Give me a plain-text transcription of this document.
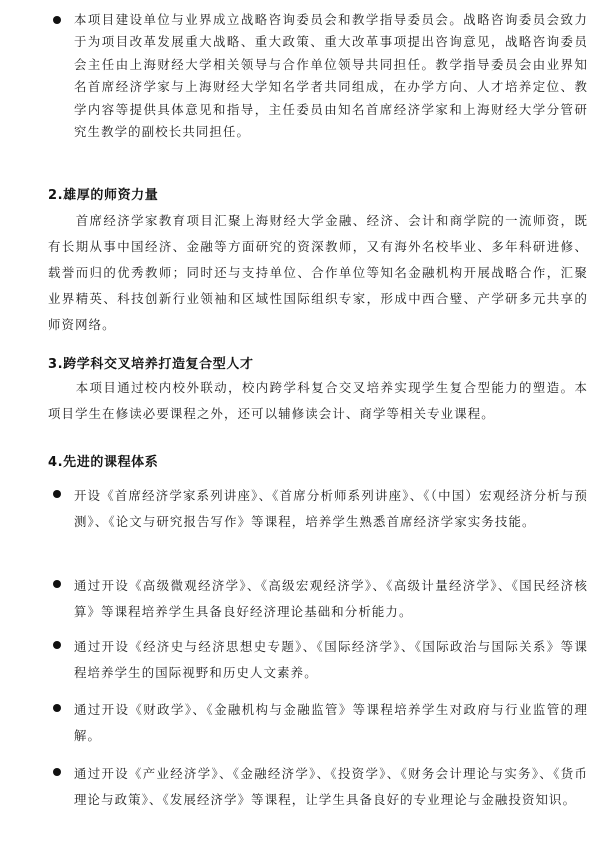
本项目建设单位与业界成立战略咨询委员会和教学指导委员会。战略咨询委员会致力于为项目改革发展重大战略、重大政策、重大改革事项提出咨询意见，战略咨询委员会主任由上海财经大学相关领导与合作单位领导共同担任。教学指导委员会由业界知名首席经济学家与上海财经大学知名学者共同组成，在办学方向、人才培养定位、教学内容等提供具体意见和指导，主任委员由知名首席经济学家和上海财经大学分管研究生教学的副校长共同担任。
2.雄厚的师资力量
　　首席经济学家教育项目汇聚上海财经大学金融、经济、会计和商学院的一流师资，既有长期从事中国经济、金融等方面研究的资深教师，又有海外名校毕业、多年科研进修、载誉而归的优秀教师；同时还与支持单位、合作单位等知名金融机构开展战略合作，汇聚业界精英、科技创新行业领袖和区域性国际组织专家，形成中西合璧、产学研多元共享的师资网络。
3.跨学科交叉培养打造复合型人才
　　本项目通过校内校外联动，校内跨学科复合交叉培养实现学生复合型能力的塑造。本项目学生在修读必要课程之外，还可以辅修读会计、商学等相关专业课程。
4.先进的课程体系
开设《首席经济学家系列讲座》、《首席分析师系列讲座》、《（中国）宏观经济分析与预测》、《论文与研究报告写作》等课程，培养学生熟悉首席经济学家实务技能。
通过开设《高级微观经济学》、《高级宏观经济学》、《高级计量经济学》、《国民经济核算》等课程培养学生具备良好经济理论基础和分析能力。
通过开设《经济史与经济思想史专题》、《国际经济学》、《国际政治与国际关系》等课程培养学生的国际视野和历史人文素养。
通过开设《财政学》、《金融机构与金融监管》等课程培养学生对政府与行业监管的理解。
通过开设《产业经济学》、《金融经济学》、《投资学》、《财务会计理论与实务》、《货币理论与政策》、《发展经济学》等课程，让学生具备良好的专业理论与金融投资知识。
